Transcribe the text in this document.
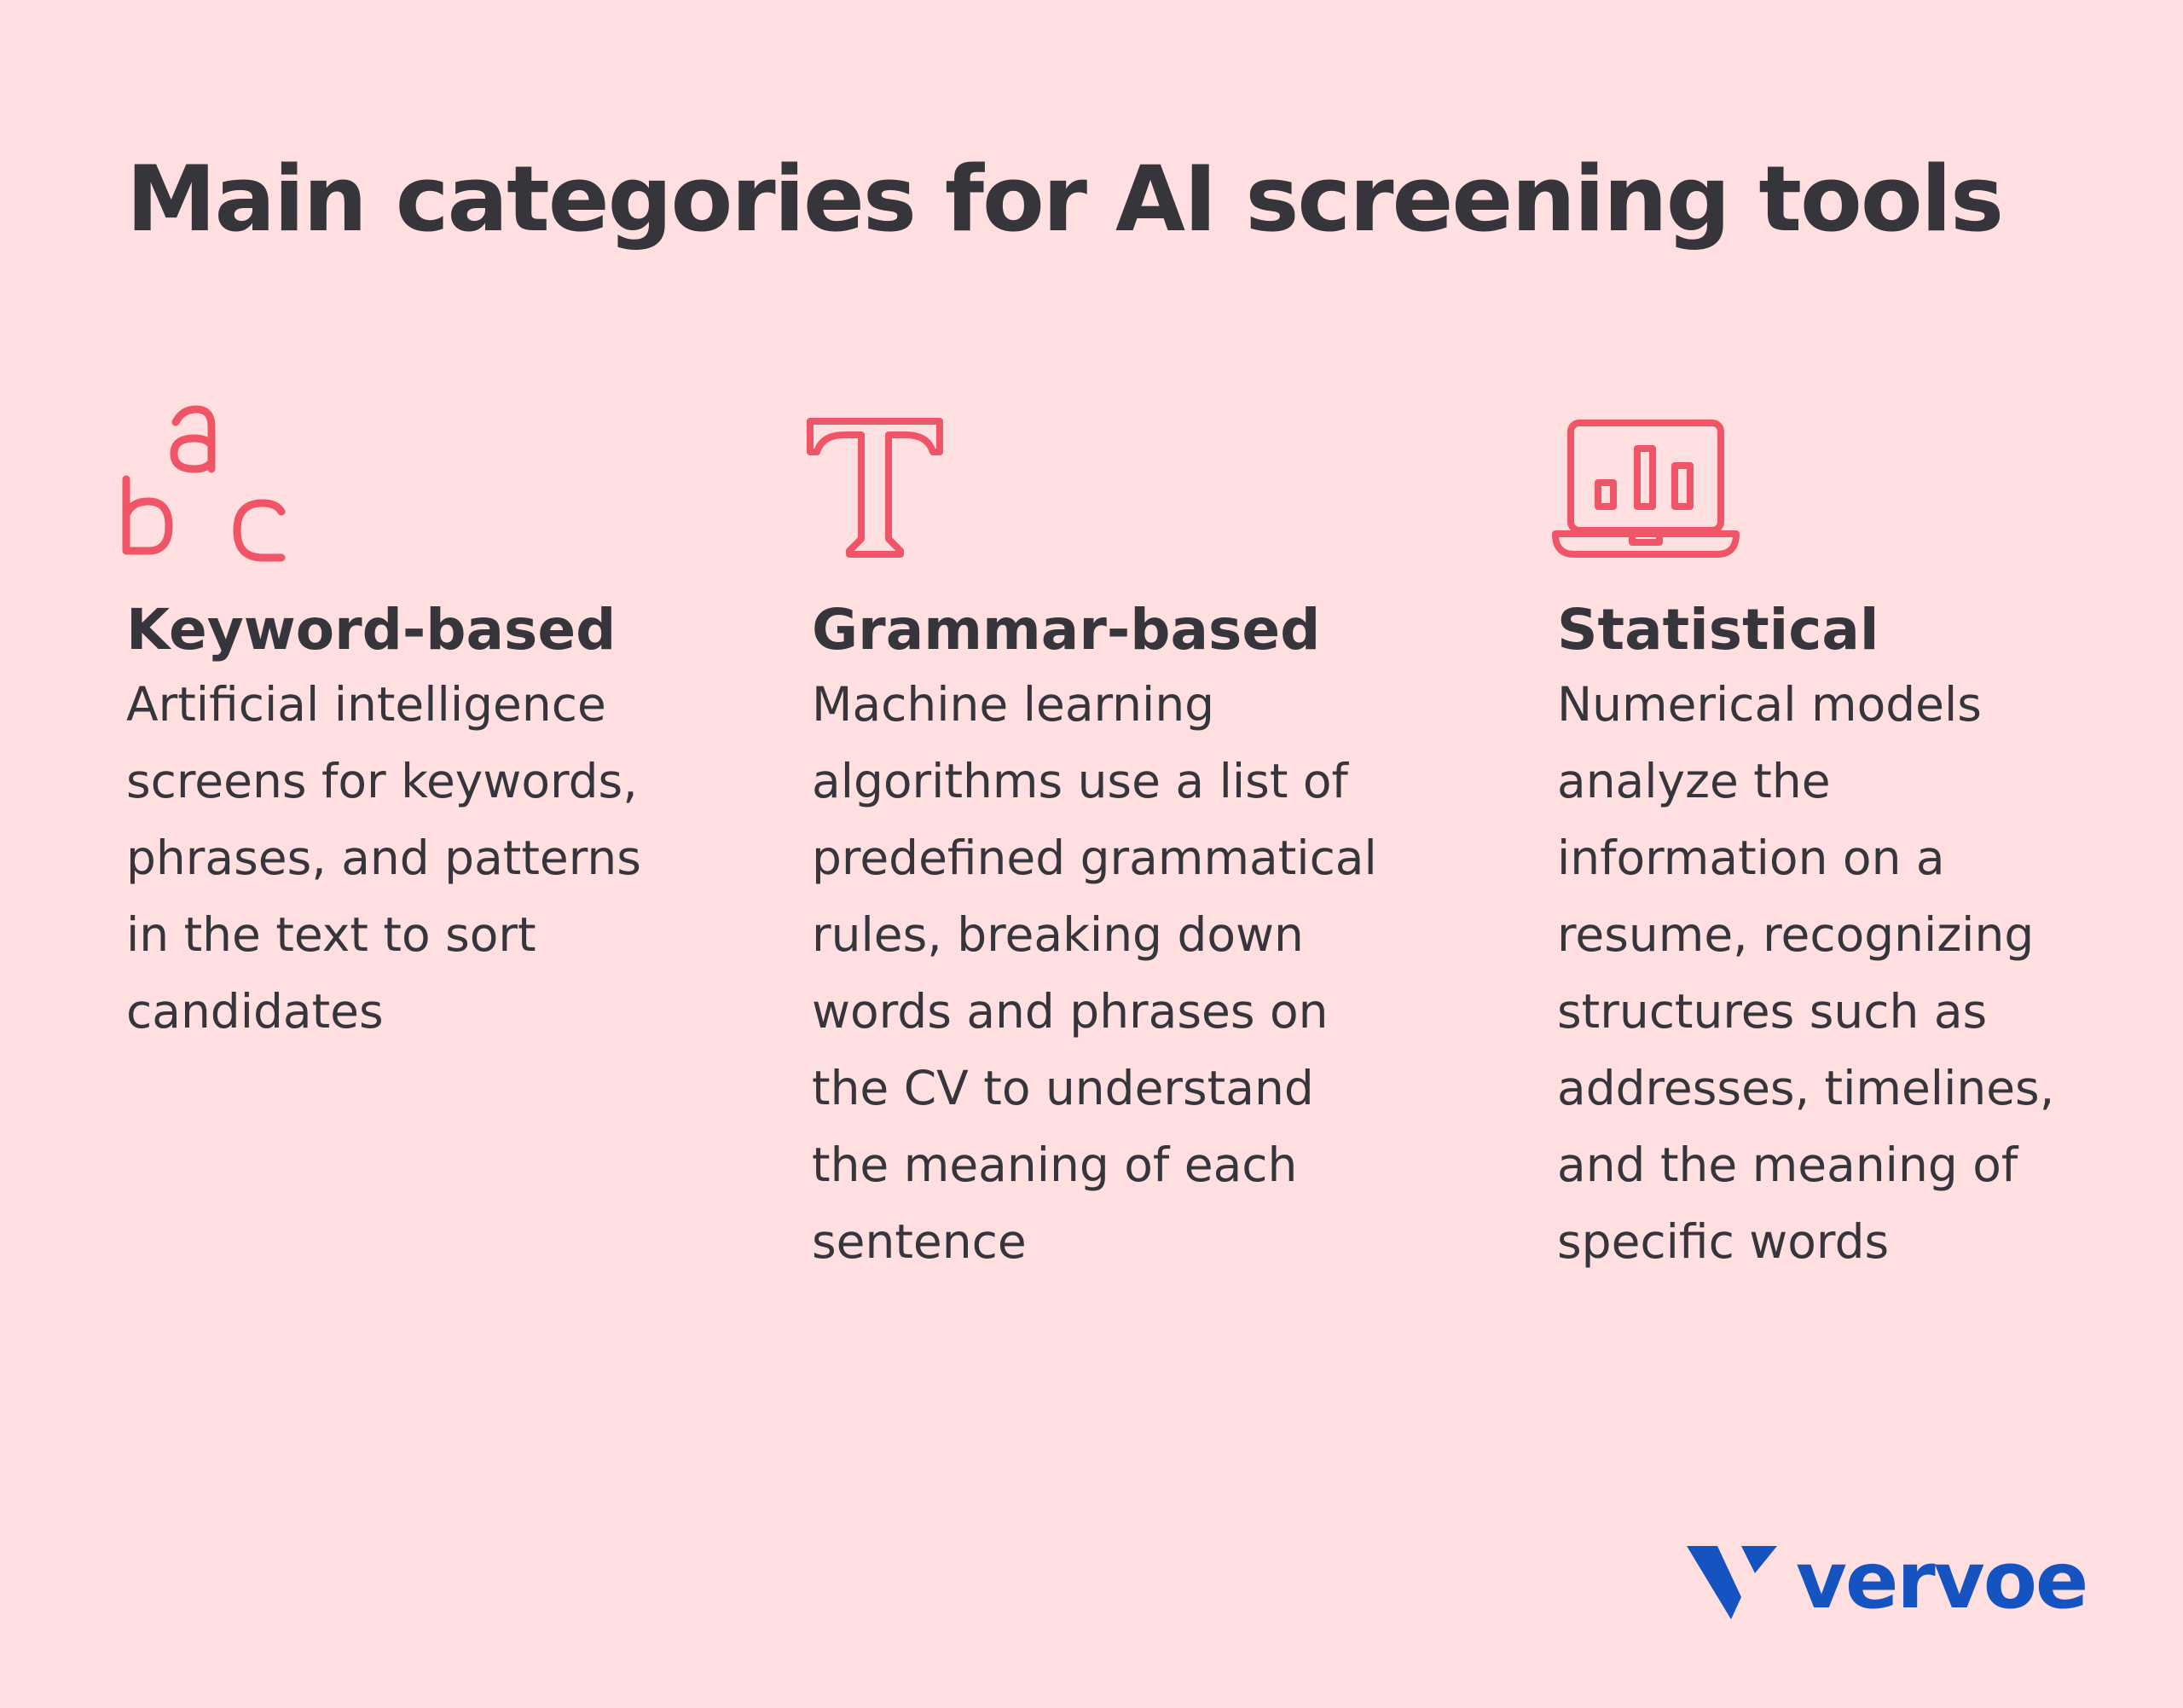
Main categories for AI screening tools

Keyword-based

Artificial intelligence
screens for keywords,
phrases, and patterns
in the text to sort
candidates

Grammar-based

Machine learning
algorithms use a list of
predefined grammatical
rules, breaking down
words and phrases on
the CV to understand
the meaning of each
sentence

Statistical

Numerical models
analyze the
information on a
resume, recognizing
structures such as
addresses, timelines,
and the meaning of
specific words

vervoe
